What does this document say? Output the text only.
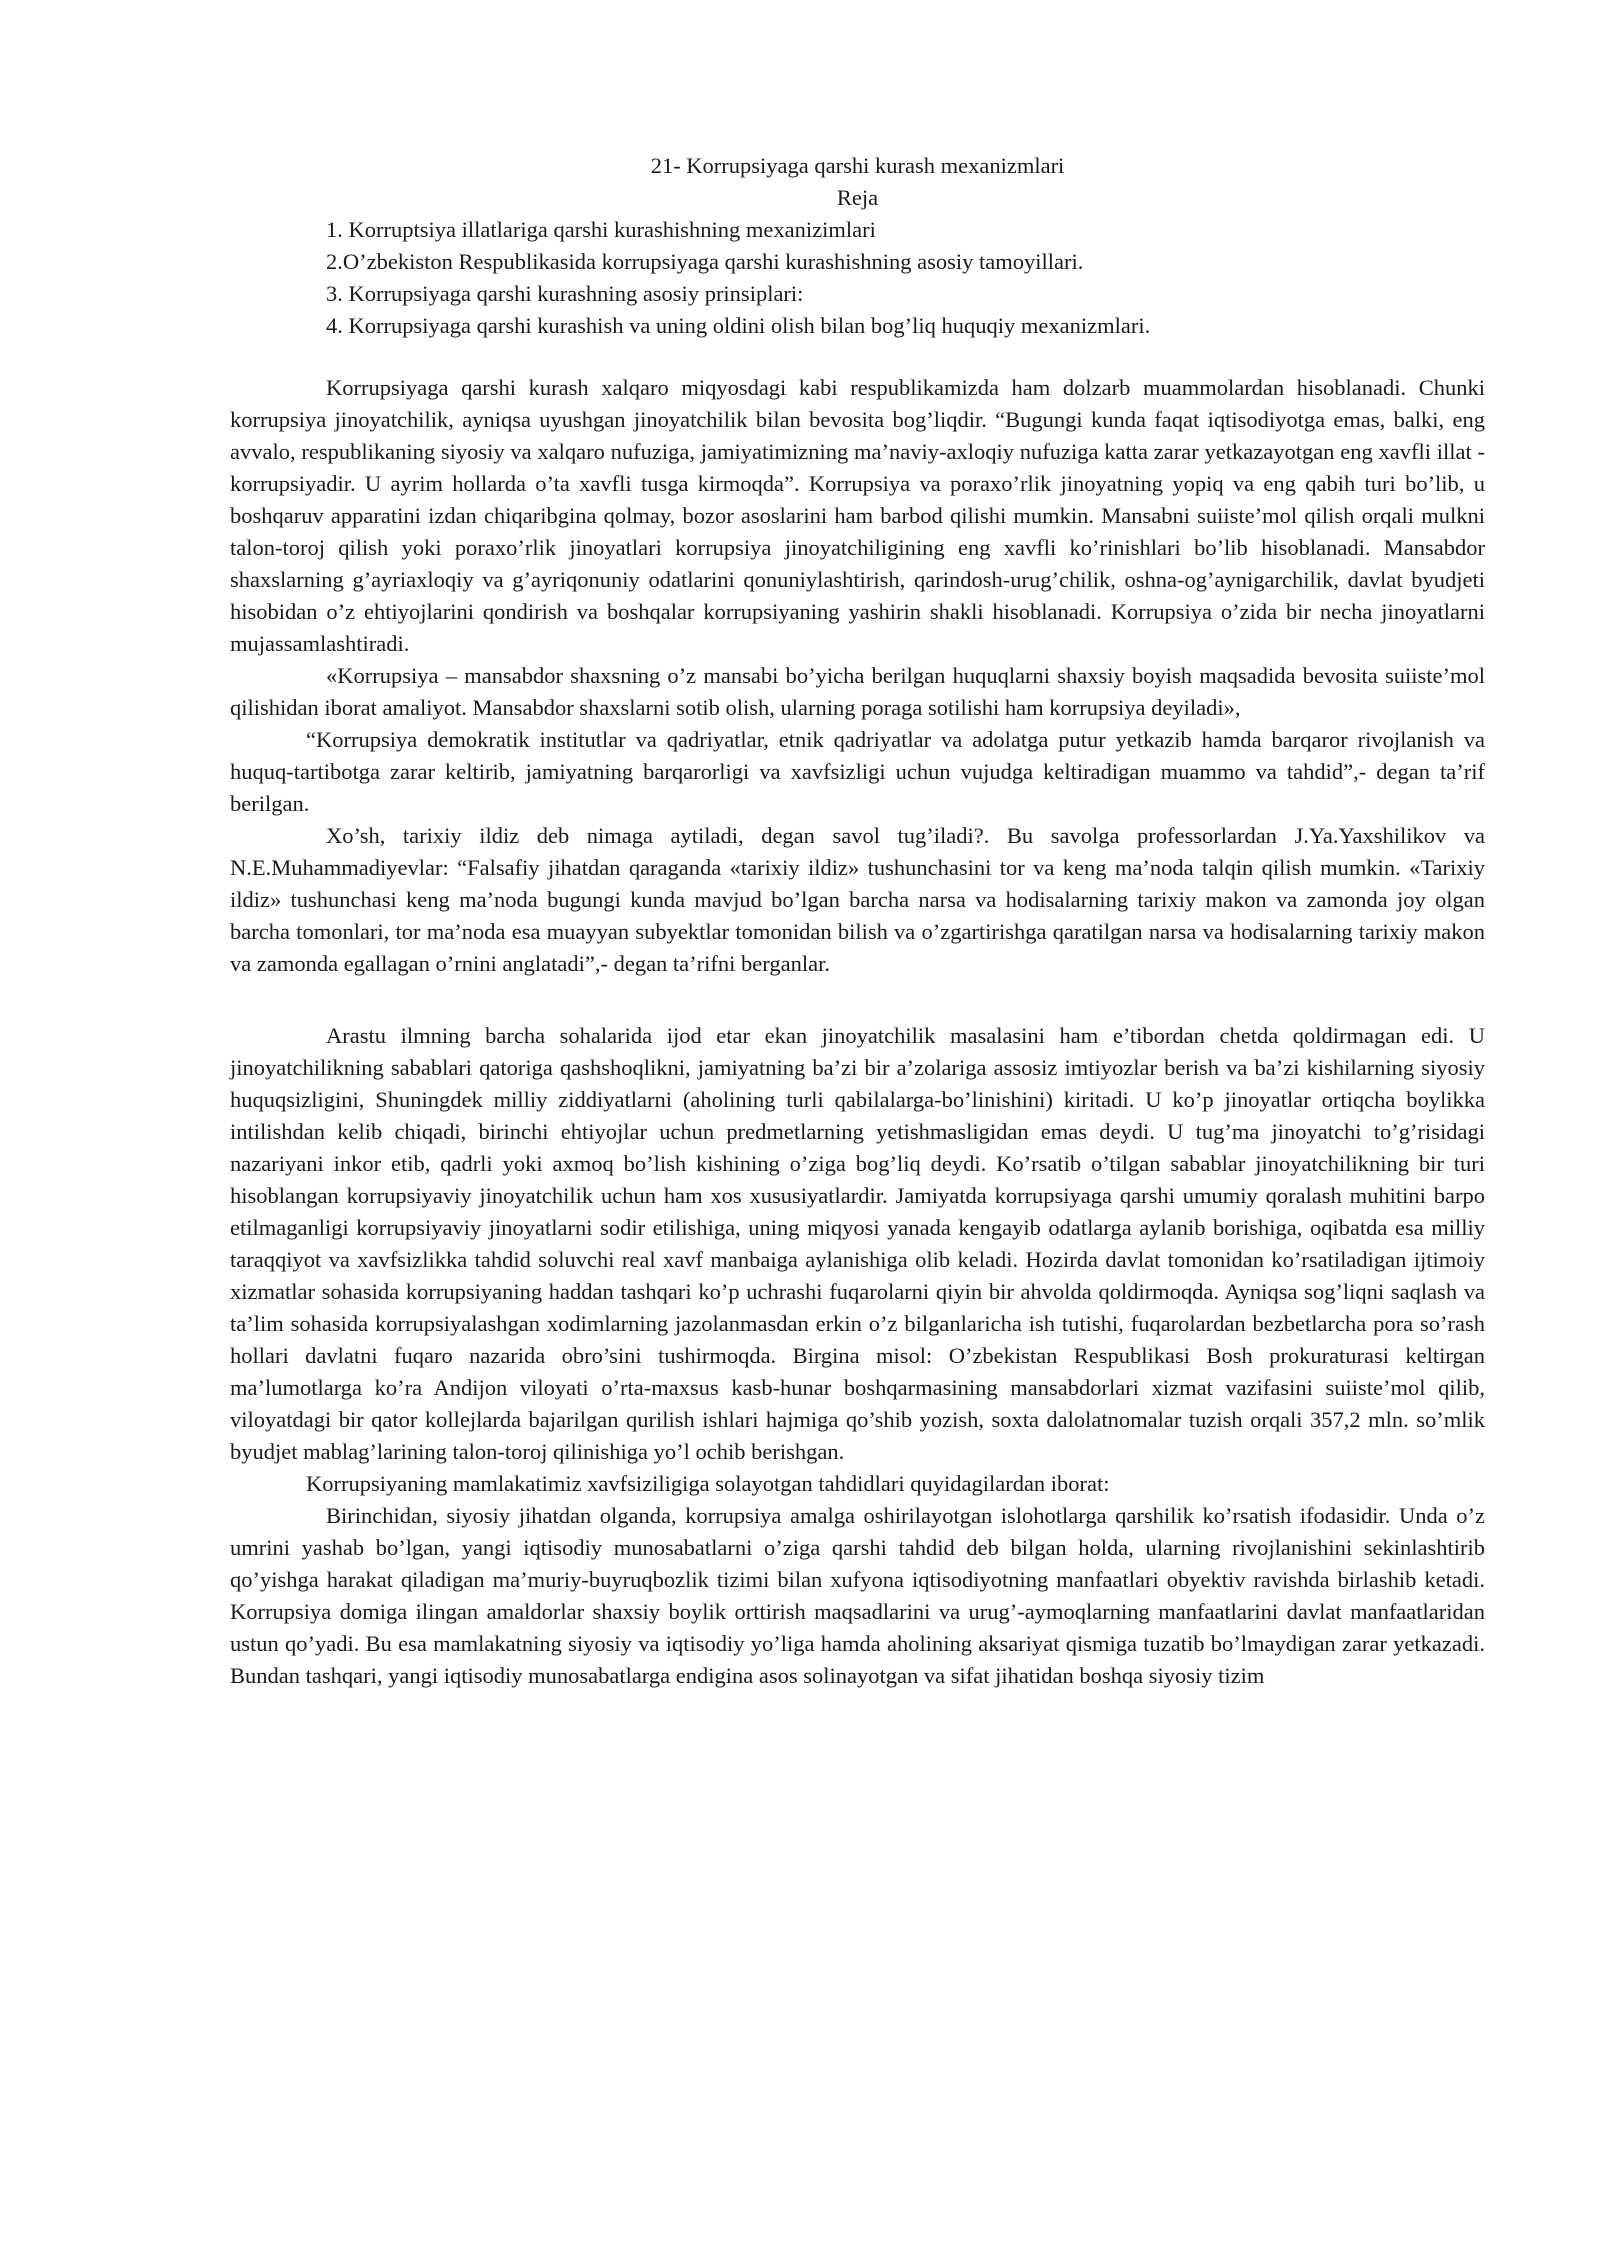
21- Korrupsiyaga qarshi kurash mexanizmlari
Reja
1. Korruptsiya illatlariga qarshi kurashishning mexanizimlari
2.O’zbekiston Respublikasida korrupsiyaga qarshi kurashishning asosiy tamoyillari.
3. Korrupsiyaga qarshi kurashning asosiy prinsiplari:
4. Korrupsiyaga qarshi kurashish va uning oldini olish bilan bog’liq huquqiy mexanizmlari.

Korrupsiyaga qarshi kurash xalqaro miqyosdagi kabi respublikamizda ham dolzarb muammolardan hisoblanadi. Chunki korrupsiya jinoyatchilik, ayniqsa uyushgan jinoyatchilik bilan bevosita bog’liqdir. “Bugungi kunda faqat iqtisodiyotga emas, balki, eng avvalo, respublikaning siyosiy va xalqaro nufuziga, jamiyatimizning ma’naviy-axloqiy nufuziga katta zarar yetkazayotgan eng xavfli illat - korrupsiyadir. U ayrim hollarda o’ta xavfli tusga kirmoqda”. Korrupsiya va poraxo’rlik jinoyatning yopiq va eng qabih turi bo’lib, u boshqaruv apparatini izdan chiqaribgina qolmay, bozor asoslarini ham barbod qilishi mumkin. Mansabni suiiste’mol qilish orqali mulkni talon-toroj qilish yoki poraxo’rlik jinoyatlari korrupsiya jinoyatchiligining eng xavfli ko’rinishlari bo’lib hisoblanadi. Mansabdor shaxslarning g’ayriaxloqiy va g’ayriqonuniy odatlarini qonuniylashtirish, qarindosh-urug’chilik, oshna-og’aynigarchilik, davlat byudjeti hisobidan o’z ehtiyojlarini qondirish va boshqalar korrupsiyaning yashirin shakli hisoblanadi. Korrupsiya o’zida bir necha jinoyatlarni mujassamlashtiradi.

«Korrupsiya – mansabdor shaxsning o’z mansabi bo’yicha berilgan huquqlarni shaxsiy boyish maqsadida bevosita suiiste’mol qilishidan iborat amaliyot. Mansabdor shaxslarni sotib olish, ularning poraga sotilishi ham korrupsiya deyiladi»,

“Korrupsiya demokratik institutlar va qadriyatlar, etnik qadriyatlar va adolatga putur yetkazib hamda barqaror rivojlanish va huquq-tartibotga zarar keltirib, jamiyatning barqarorligi va xavfsizligi uchun vujudga keltiradigan muammo va tahdid”,- degan ta’rif berilgan.

Xo’sh, tarixiy ildiz deb nimaga aytiladi, degan savol tug’iladi?. Bu savolga professorlardan J.Ya.Yaxshilikov va N.E.Muhammadiyevlar: “Falsafiy jihatdan qaraganda «tarixiy ildiz» tushunchasini tor va keng ma’noda talqin qilish mumkin. «Tarixiy ildiz» tushunchasi keng ma’noda bugungi kunda mavjud bo’lgan barcha narsa va hodisalarning tarixiy makon va zamonda joy olgan barcha tomonlari, tor ma’noda esa muayyan subyektlar tomonidan bilish va o’zgartirishga qaratilgan narsa va hodisalarning tarixiy makon va zamonda egallagan o’rnini anglatadi”,- degan ta’rifni berganlar.

Arastu ilmning barcha sohalarida ijod etar ekan jinoyatchilik masalasini ham e’tibordan chetda qoldirmagan edi. U jinoyatchilikning sabablari qatoriga qashshoqlikni, jamiyatning ba’zi bir a’zolariga assosiz imtiyozlar berish va ba’zi kishilarning siyosiy huquqsizligini, Shuningdek milliy ziddiyatlarni (aholining turli qabilalarga-bo’linishini) kiritadi. U ko’p jinoyatlar ortiqcha boylikka intilishdan kelib chiqadi, birinchi ehtiyojlar uchun predmetlarning yetishmasligidan emas deydi. U tug’ma jinoyatchi to’g’risidagi nazariyani inkor etib, qadrli yoki axmoq bo’lish kishining o’ziga bog’liq deydi. Ko’rsatib o’tilgan sabablar jinoyatchilikning bir turi hisoblangan korrupsiyaviy jinoyatchilik uchun ham xos xususiyatlardir. Jamiyatda korrupsiyaga qarshi umumiy qoralash muhitini barpo etilmaganligi korrupsiyaviy jinoyatlarni sodir etilishiga, uning miqyosi yanada kengayib odatlarga aylanib borishiga, oqibatda esa milliy taraqqiyot va xavfsizlikka tahdid soluvchi real xavf manbaiga aylanishiga olib keladi. Hozirda davlat tomonidan ko’rsatiladigan ijtimoiy xizmatlar sohasida korrupsiyaning haddan tashqari ko’p uchrashi fuqarolarni qiyin bir ahvolda qoldirmoqda. Ayniqsa sog’liqni saqlash va ta’lim sohasida korrupsiyalashgan xodimlarning jazolanmasdan erkin o’z bilganlaricha ish tutishi, fuqarolardan bezbetlarcha pora so’rash hollari davlatni fuqaro nazarida obro’sini tushirmoqda. Birgina misol: O’zbekistan Respublikasi Bosh prokuraturasi keltirgan ma’lumotlarga ko’ra Andijon viloyati o’rta-maxsus kasb-hunar boshqarmasining mansabdorlari xizmat vazifasini suiiste’mol qilib, viloyatdagi bir qator kollejlarda bajarilgan qurilish ishlari hajmiga qo’shib yozish, soxta dalolatnomalar tuzish orqali 357,2 mln. so’mlik byudjet mablag’larining talon-toroj qilinishiga yo’l ochib berishgan.

Korrupsiyaning mamlakatimiz xavfsiziligiga solayotgan tahdidlari quyidagilardan iborat:

Birinchidan, siyosiy jihatdan olganda, korrupsiya amalga oshirilayotgan islohotlarga qarshilik ko’rsatish ifodasidir. Unda o’z umrini yashab bo’lgan, yangi iqtisodiy munosabatlarni o’ziga qarshi tahdid deb bilgan holda, ularning rivojlanishini sekinlashtirib qo’yishga harakat qiladigan ma’muriy-buyruqbozlik tizimi bilan xufyona iqtisodiyotning manfaatlari obyektiv ravishda birlashib ketadi. Korrupsiya domiga ilingan amaldorlar shaxsiy boylik orttirish maqsadlarini va urug’-aymoqlarning manfaatlarini davlat manfaatlaridan ustun qo’yadi. Bu esa mamlakatning siyosiy va iqtisodiy yo’liga hamda aholining aksariyat qismiga tuzatib bo’lmaydigan zarar yetkazadi. Bundan tashqari, yangi iqtisodiy munosabatlarga endigina asos solinayotgan va sifat jihatidan boshqa siyosiy tizim
